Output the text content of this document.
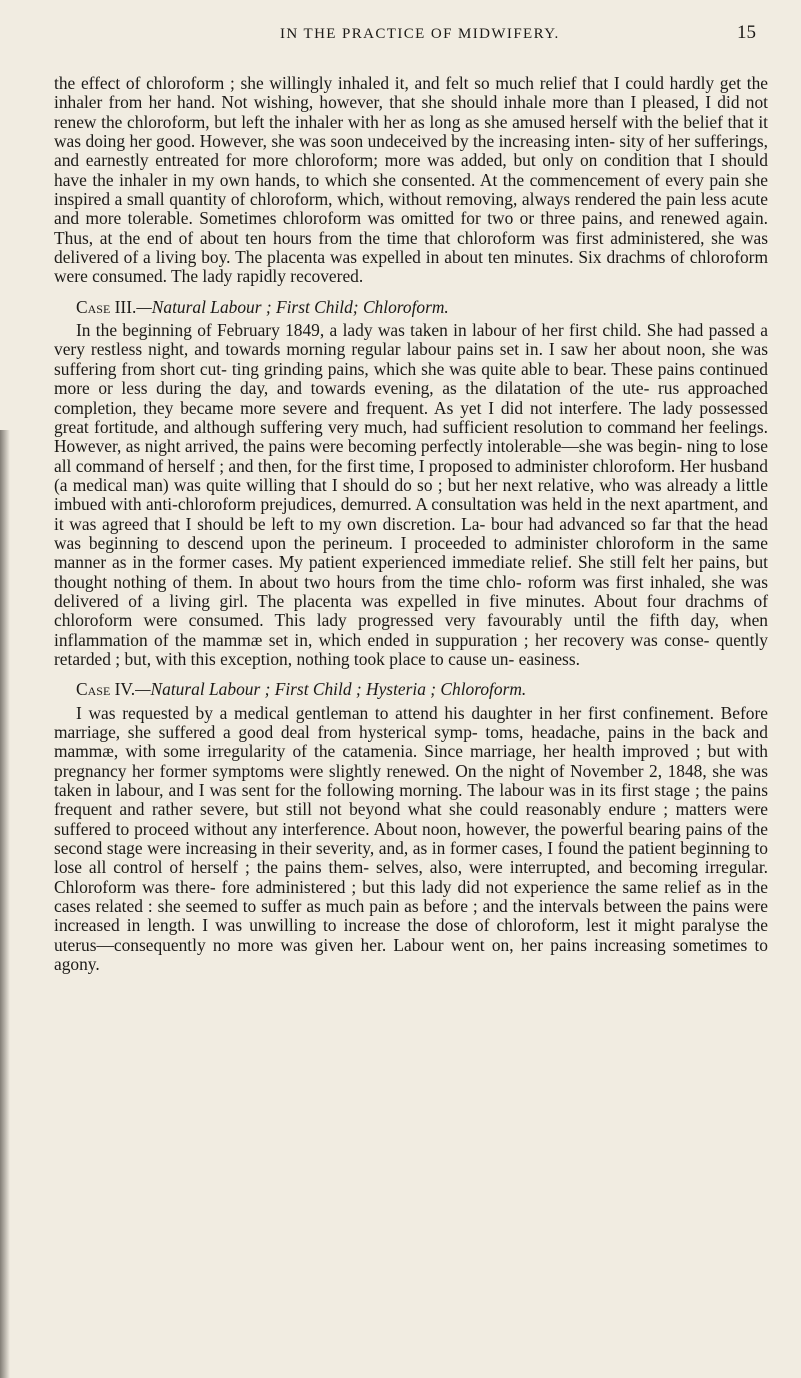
IN THE PRACTICE OF MIDWIFERY.	15

the effect of chloroform ; she willingly inhaled it, and felt so much relief that I could hardly get the inhaler from her hand. Not wishing, however, that she should inhale more than I pleased, I did not renew the chloroform, but left the inhaler with her as long as she amused herself with the belief that it was doing her good. However, she was soon undeceived by the increasing inten- sity of her sufferings, and earnestly entreated for more chloroform; more was added, but only on condition that I should have the inhaler in my own hands, to which she consented. At the commencement of every pain she inspired a small quantity of chloroform, which, without removing, always rendered the pain less acute and more tolerable. Sometimes chloroform was omitted for two or three pains, and renewed again. Thus, at the end of about ten hours from the time that chloroform was first administered, she was delivered of a living boy. The placenta was expelled in about ten minutes. Six drachms of chloroform were consumed. The lady rapidly recovered.

Case III.—Natural Labour ; First Child; Chloroform.

In the beginning of February 1849, a lady was taken in labour of her first child. She had passed a very restless night, and towards morning regular labour pains set in. I saw her about noon, she was suffering from short cut- ting grinding pains, which she was quite able to bear. These pains continued more or less during the day, and towards evening, as the dilatation of the ute- rus approached completion, they became more severe and frequent. As yet I did not interfere. The lady possessed great fortitude, and although suffering very much, had sufficient resolution to command her feelings. However, as night arrived, the pains were becoming perfectly intolerable—she was begin- ning to lose all command of herself ; and then, for the first time, I proposed to administer chloroform. Her husband (a medical man) was quite willing that I should do so ; but her next relative, who was already a little imbued with anti-chloroform prejudices, demurred. A consultation was held in the next apartment, and it was agreed that I should be left to my own discretion. La- bour had advanced so far that the head was beginning to descend upon the perineum. I proceeded to administer chloroform in the same manner as in the former cases. My patient experienced immediate relief. She still felt her pains, but thought nothing of them. In about two hours from the time chlo- roform was first inhaled, she was delivered of a living girl. The placenta was expelled in five minutes. About four drachms of chloroform were consumed. This lady progressed very favourably until the fifth day, when inflammation of the mammæ set in, which ended in suppuration ; her recovery was conse- quently retarded ; but, with this exception, nothing took place to cause un- easiness.

Case IV.—Natural Labour ; First Child ; Hysteria ; Chloroform.

I was requested by a medical gentleman to attend his daughter in her first confinement. Before marriage, she suffered a good deal from hysterical symp- toms, headache, pains in the back and mammæ, with some irregularity of the catamenia. Since marriage, her health improved ; but with pregnancy her former symptoms were slightly renewed. On the night of November 2, 1848, she was taken in labour, and I was sent for the following morning. The labour was in its first stage ; the pains frequent and rather severe, but still not beyond what she could reasonably endure ; matters were suffered to proceed without any interference. About noon, however, the powerful bearing pains of the second stage were increasing in their severity, and, as in former cases, I found the patient beginning to lose all control of herself ; the pains them- selves, also, were interrupted, and becoming irregular. Chloroform was there- fore administered ; but this lady did not experience the same relief as in the cases related : she seemed to suffer as much pain as before ; and the intervals between the pains were increased in length. I was unwilling to increase the dose of chloroform, lest it might paralyse the uterus—consequently no more was given her. Labour went on, her pains increasing sometimes to agony.
